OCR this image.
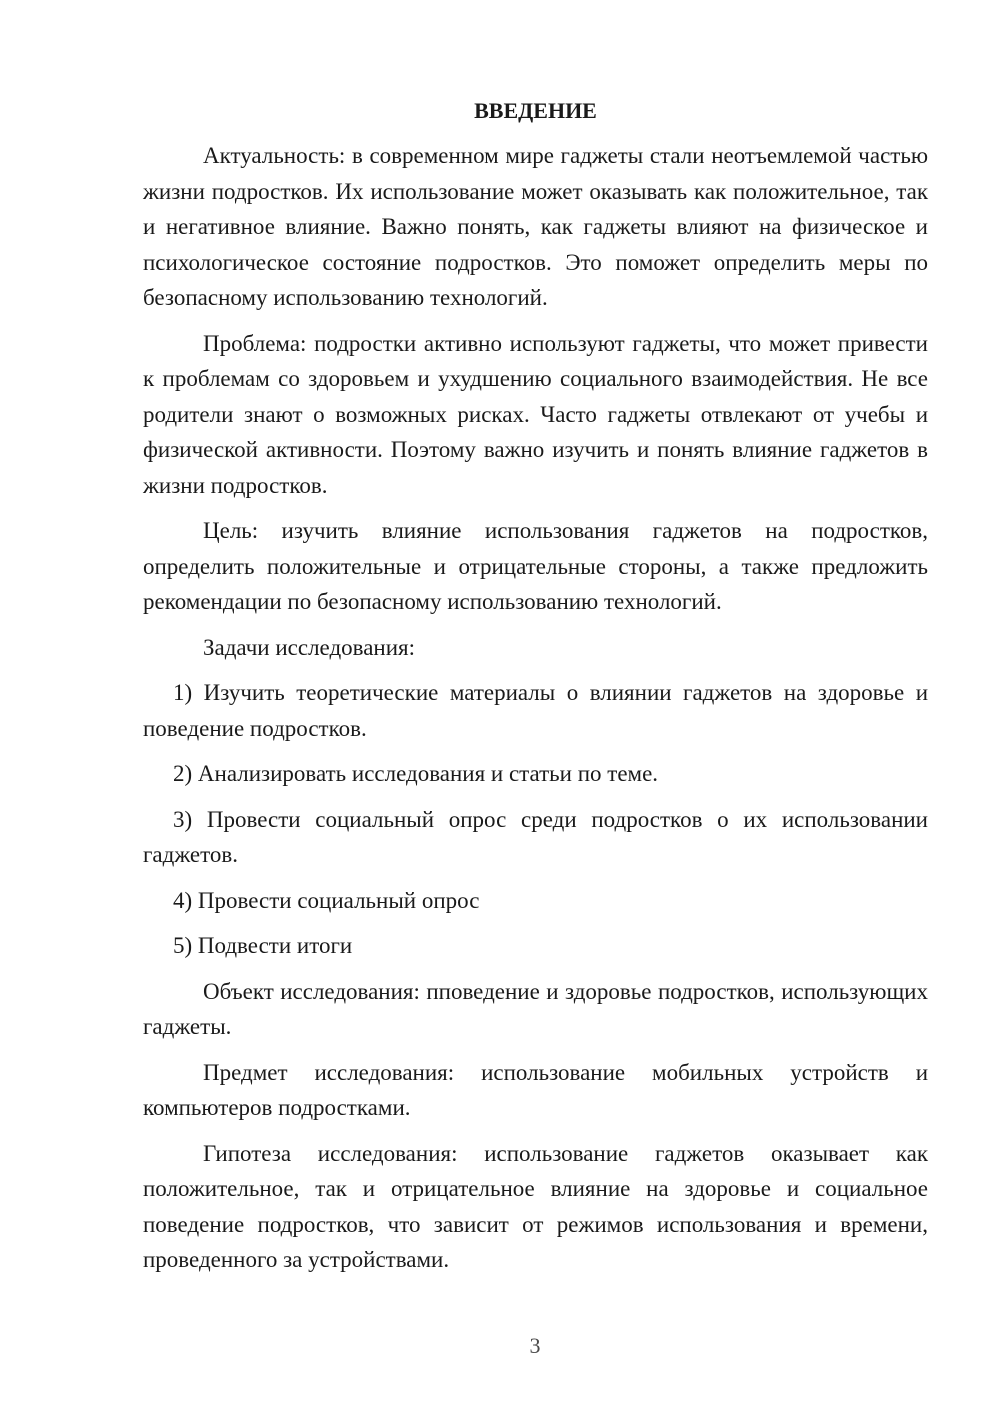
ВВЕДЕНИЕ

Актуальность: в современном мире гаджеты стали неотъемлемой частью жизни подростков. Их использование может оказывать как положительное, так и негативное влияние. Важно понять, как гаджеты влияют на физическое и психологическое состояние подростков. Это поможет определить меры по безопасному использованию технологий.

Проблема: подростки активно используют гаджеты, что может привести к проблемам со здоровьем и ухудшению социального взаимодействия. Не все родители знают о возможных рисках. Часто гаджеты отвлекают от учебы и физической активности. Поэтому важно изучить и понять влияние гаджетов в жизни подростков.

Цель: изучить влияние использования гаджетов на подростков, определить положительные и отрицательные стороны, а также предложить рекомендации по безопасному использованию технологий.

Задачи исследования:

1) Изучить теоретические материалы о влиянии гаджетов на здоровье и поведение подростков.

2) Анализировать исследования и статьи по теме.

3) Провести социальный опрос среди подростков о их использовании гаджетов.

4) Провести социальный опрос

5) Подвести итоги

Объект исследования: пповедение и здоровье подростков, использующих гаджеты.

Предмет исследования: использование мобильных устройств и компьютеров подростками.

Гипотеза исследования: использование гаджетов оказывает как положительное, так и отрицательное влияние на здоровье и социальное поведение подростков, что зависит от режимов использования и времени, проведенного за устройствами.

3
